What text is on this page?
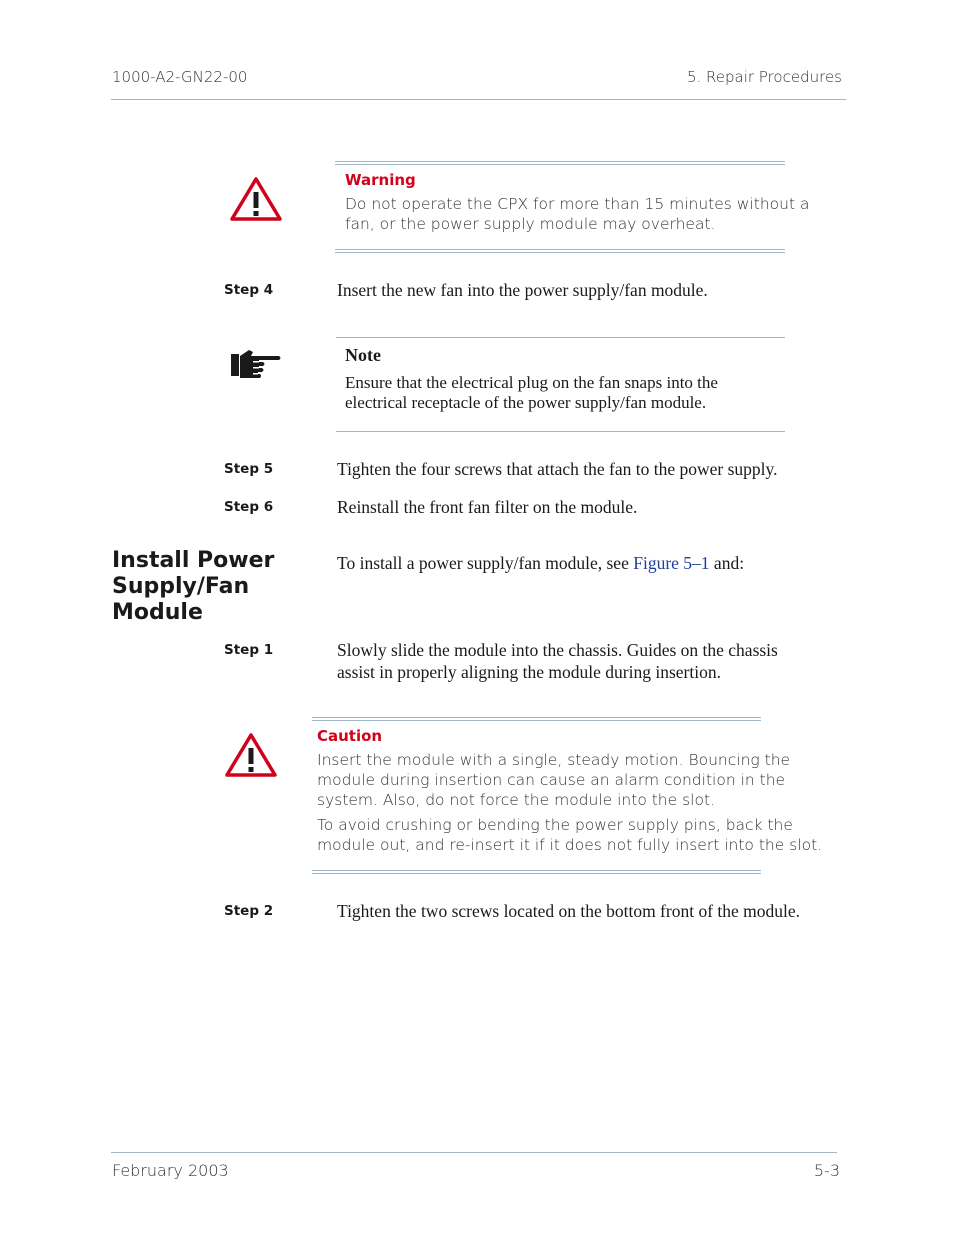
1000-A2-GN22-00	5. Repair Procedures
Warning
Do not operate the CPX for more than 15 minutes without a
fan, or the power supply module may overheat.
Step 4	Insert the new fan into the power supply/fan module.
Note
Ensure that the electrical plug on the fan snaps into the
electrical receptacle of the power supply/fan module.
Step 5	Tighten the four screws that attach the fan to the power supply.
Step 6	Reinstall the front fan filter on the module.
Install Power
Supply/Fan
Module
To install a power supply/fan module, see Figure 5–1 and:
Step 1	Slowly slide the module into the chassis. Guides on the chassis
assist in properly aligning the module during insertion.
Caution
Insert the module with a single, steady motion. Bouncing the
module during insertion can cause an alarm condition in the
system. Also, do not force the module into the slot.
To avoid crushing or bending the power supply pins, back the
module out, and re-insert it if it does not fully insert into the slot.
Step 2	Tighten the two screws located on the bottom front of the module.
February 2003	5-3
